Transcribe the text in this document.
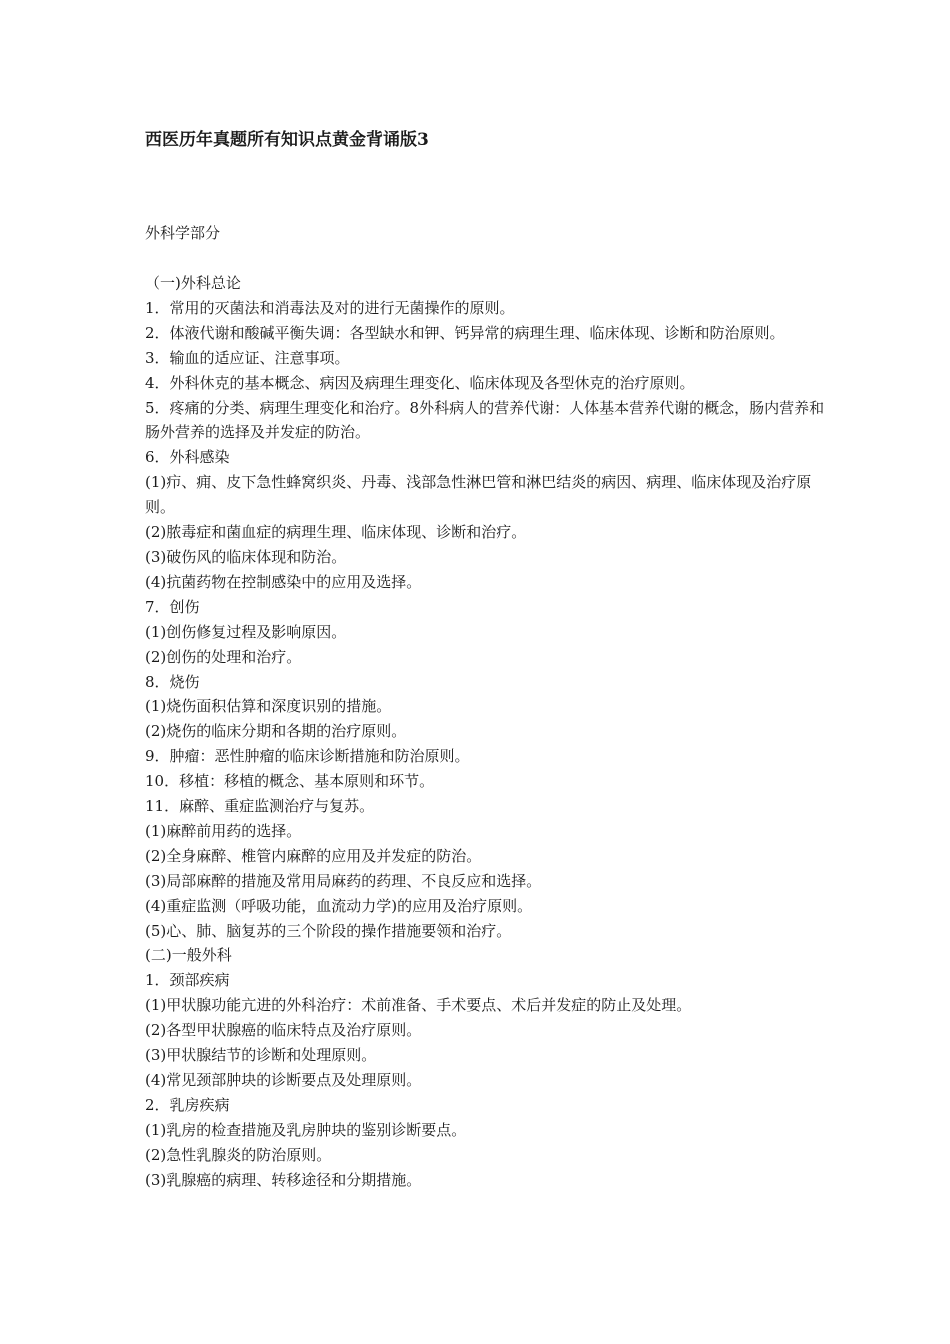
西医历年真题所有知识点黄金背诵版3
外科学部分

（一)外科总论

1．常用的灭菌法和消毒法及对的进行无菌操作的原则。

2．体液代谢和酸碱平衡失调：各型缺水和钾、钙异常的病理生理、临床体现、诊断和防治原则。

3．输血的适应证、注意事项。

4．外科休克的基本概念、病因及病理生理变化、临床体现及各型休克的治疗原则。

5．疼痛的分类、病理生理变化和治疗。8外科病人的营养代谢：人体基本营养代谢的概念，肠内营养和肠外营养的选择及并发症的防治。

6．外科感染

(1)疖、痈、皮下急性蜂窝织炎、丹毒、浅部急性淋巴管和淋巴结炎的病因、病理、临床体现及治疗原则。

(2)脓毒症和菌血症的病理生理、临床体现、诊断和治疗。

(3)破伤风的临床体现和防治。

(4)抗菌药物在控制感染中的应用及选择。

7．创伤

(1)创伤修复过程及影响原因。

(2)创伤的处理和治疗。

8．烧伤

(1)烧伤面积估算和深度识别的措施。

(2)烧伤的临床分期和各期的治疗原则。

9．肿瘤：恶性肿瘤的临床诊断措施和防治原则。

10．移植：移植的概念、基本原则和环节。

11．麻醉、重症监测治疗与复苏。

(1)麻醉前用药的选择。

(2)全身麻醉、椎管内麻醉的应用及并发症的防治。

(3)局部麻醉的措施及常用局麻药的药理、不良反应和选择。

(4)重症监测（呼吸功能，血流动力学)的应用及治疗原则。

(5)心、肺、脑复苏的三个阶段的操作措施要领和治疗。

(二)一般外科

1．颈部疾病

(1)甲状腺功能亢进的外科治疗：术前准备、手术要点、术后并发症的防止及处理。

(2)各型甲状腺癌的临床特点及治疗原则。

(3)甲状腺结节的诊断和处理原则。

(4)常见颈部肿块的诊断要点及处理原则。

2．乳房疾病

(1)乳房的检查措施及乳房肿块的鉴别诊断要点。

(2)急性乳腺炎的防治原则。

(3)乳腺癌的病理、转移途径和分期措施。
